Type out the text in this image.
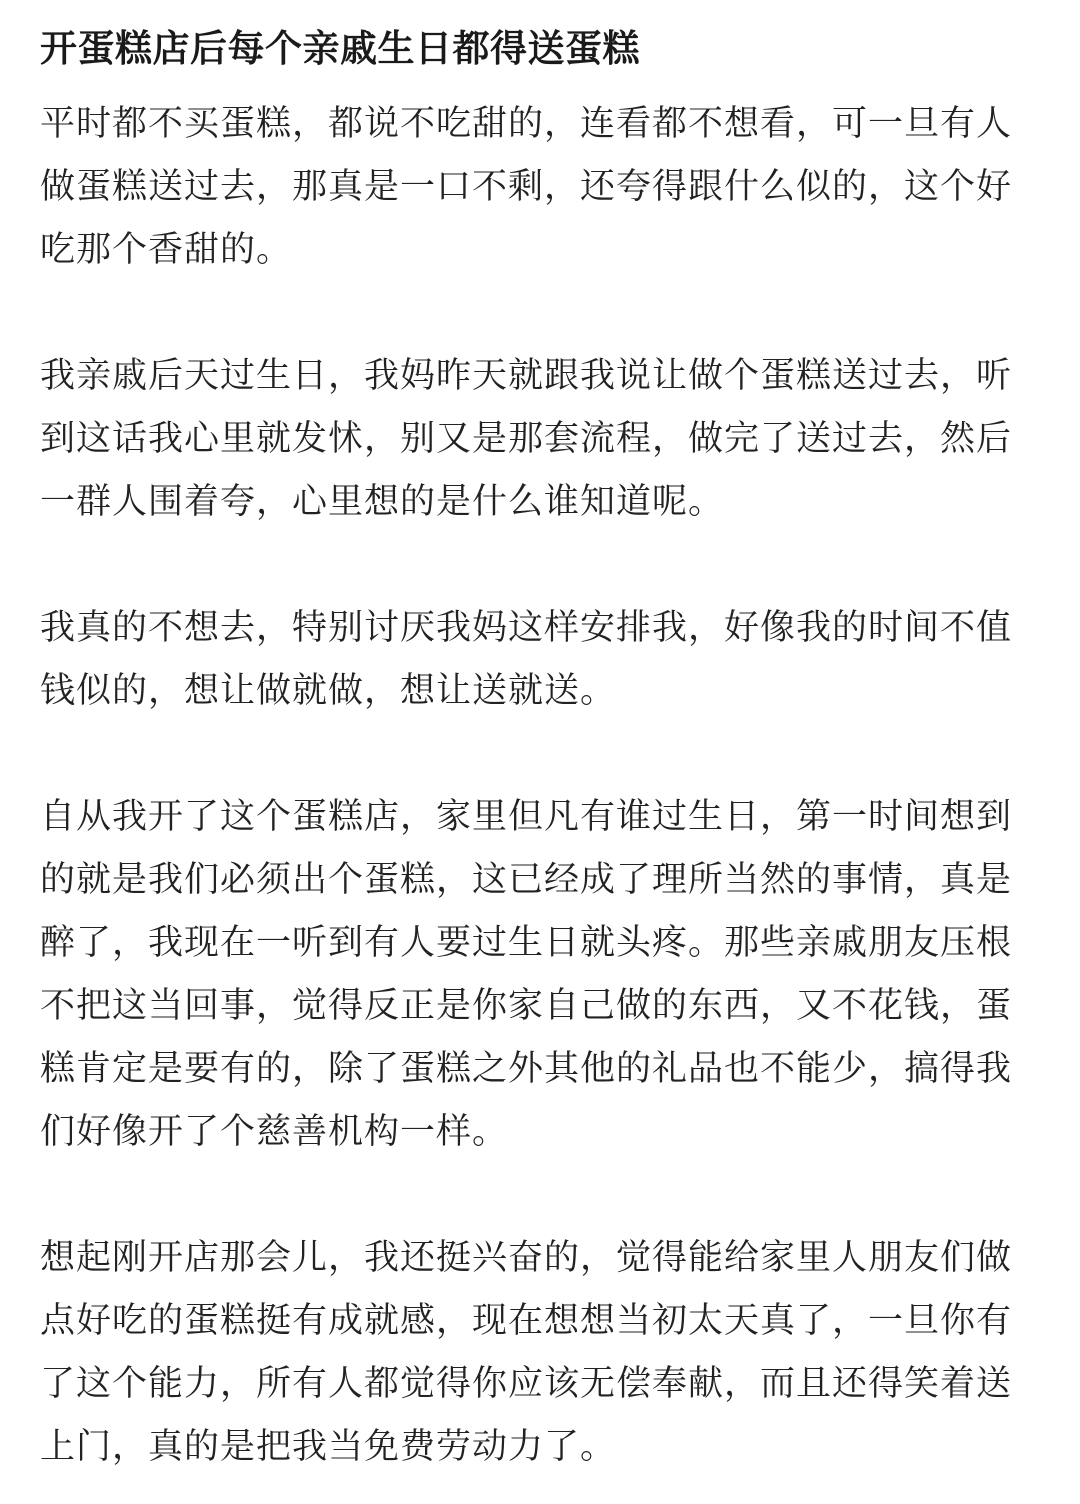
开蛋糕店后每个亲戚生日都得送蛋糕

平时都不买蛋糕，都说不吃甜的，连看都不想看，可一旦有人做蛋糕送过去，那真是一口不剩，还夸得跟什么似的，这个好吃那个香甜的。

我亲戚后天过生日，我妈昨天就跟我说让做个蛋糕送过去，听到这话我心里就发怵，别又是那套流程，做完了送过去，然后一群人围着夸，心里想的是什么谁知道呢。

我真的不想去，特别讨厌我妈这样安排我，好像我的时间不值钱似的，想让做就做，想让送就送。

自从我开了这个蛋糕店，家里但凡有谁过生日，第一时间想到的就是我们必须出个蛋糕，这已经成了理所当然的事情，真是醉了，我现在一听到有人要过生日就头疼。那些亲戚朋友压根不把这当回事，觉得反正是你家自己做的东西，又不花钱，蛋糕肯定是要有的，除了蛋糕之外其他的礼品也不能少，搞得我们好像开了个慈善机构一样。

想起刚开店那会儿，我还挺兴奋的，觉得能给家里人朋友们做点好吃的蛋糕挺有成就感，现在想想当初太天真了，一旦你有了这个能力，所有人都觉得你应该无偿奉献，而且还得笑着送上门，真的是把我当免费劳动力了。
